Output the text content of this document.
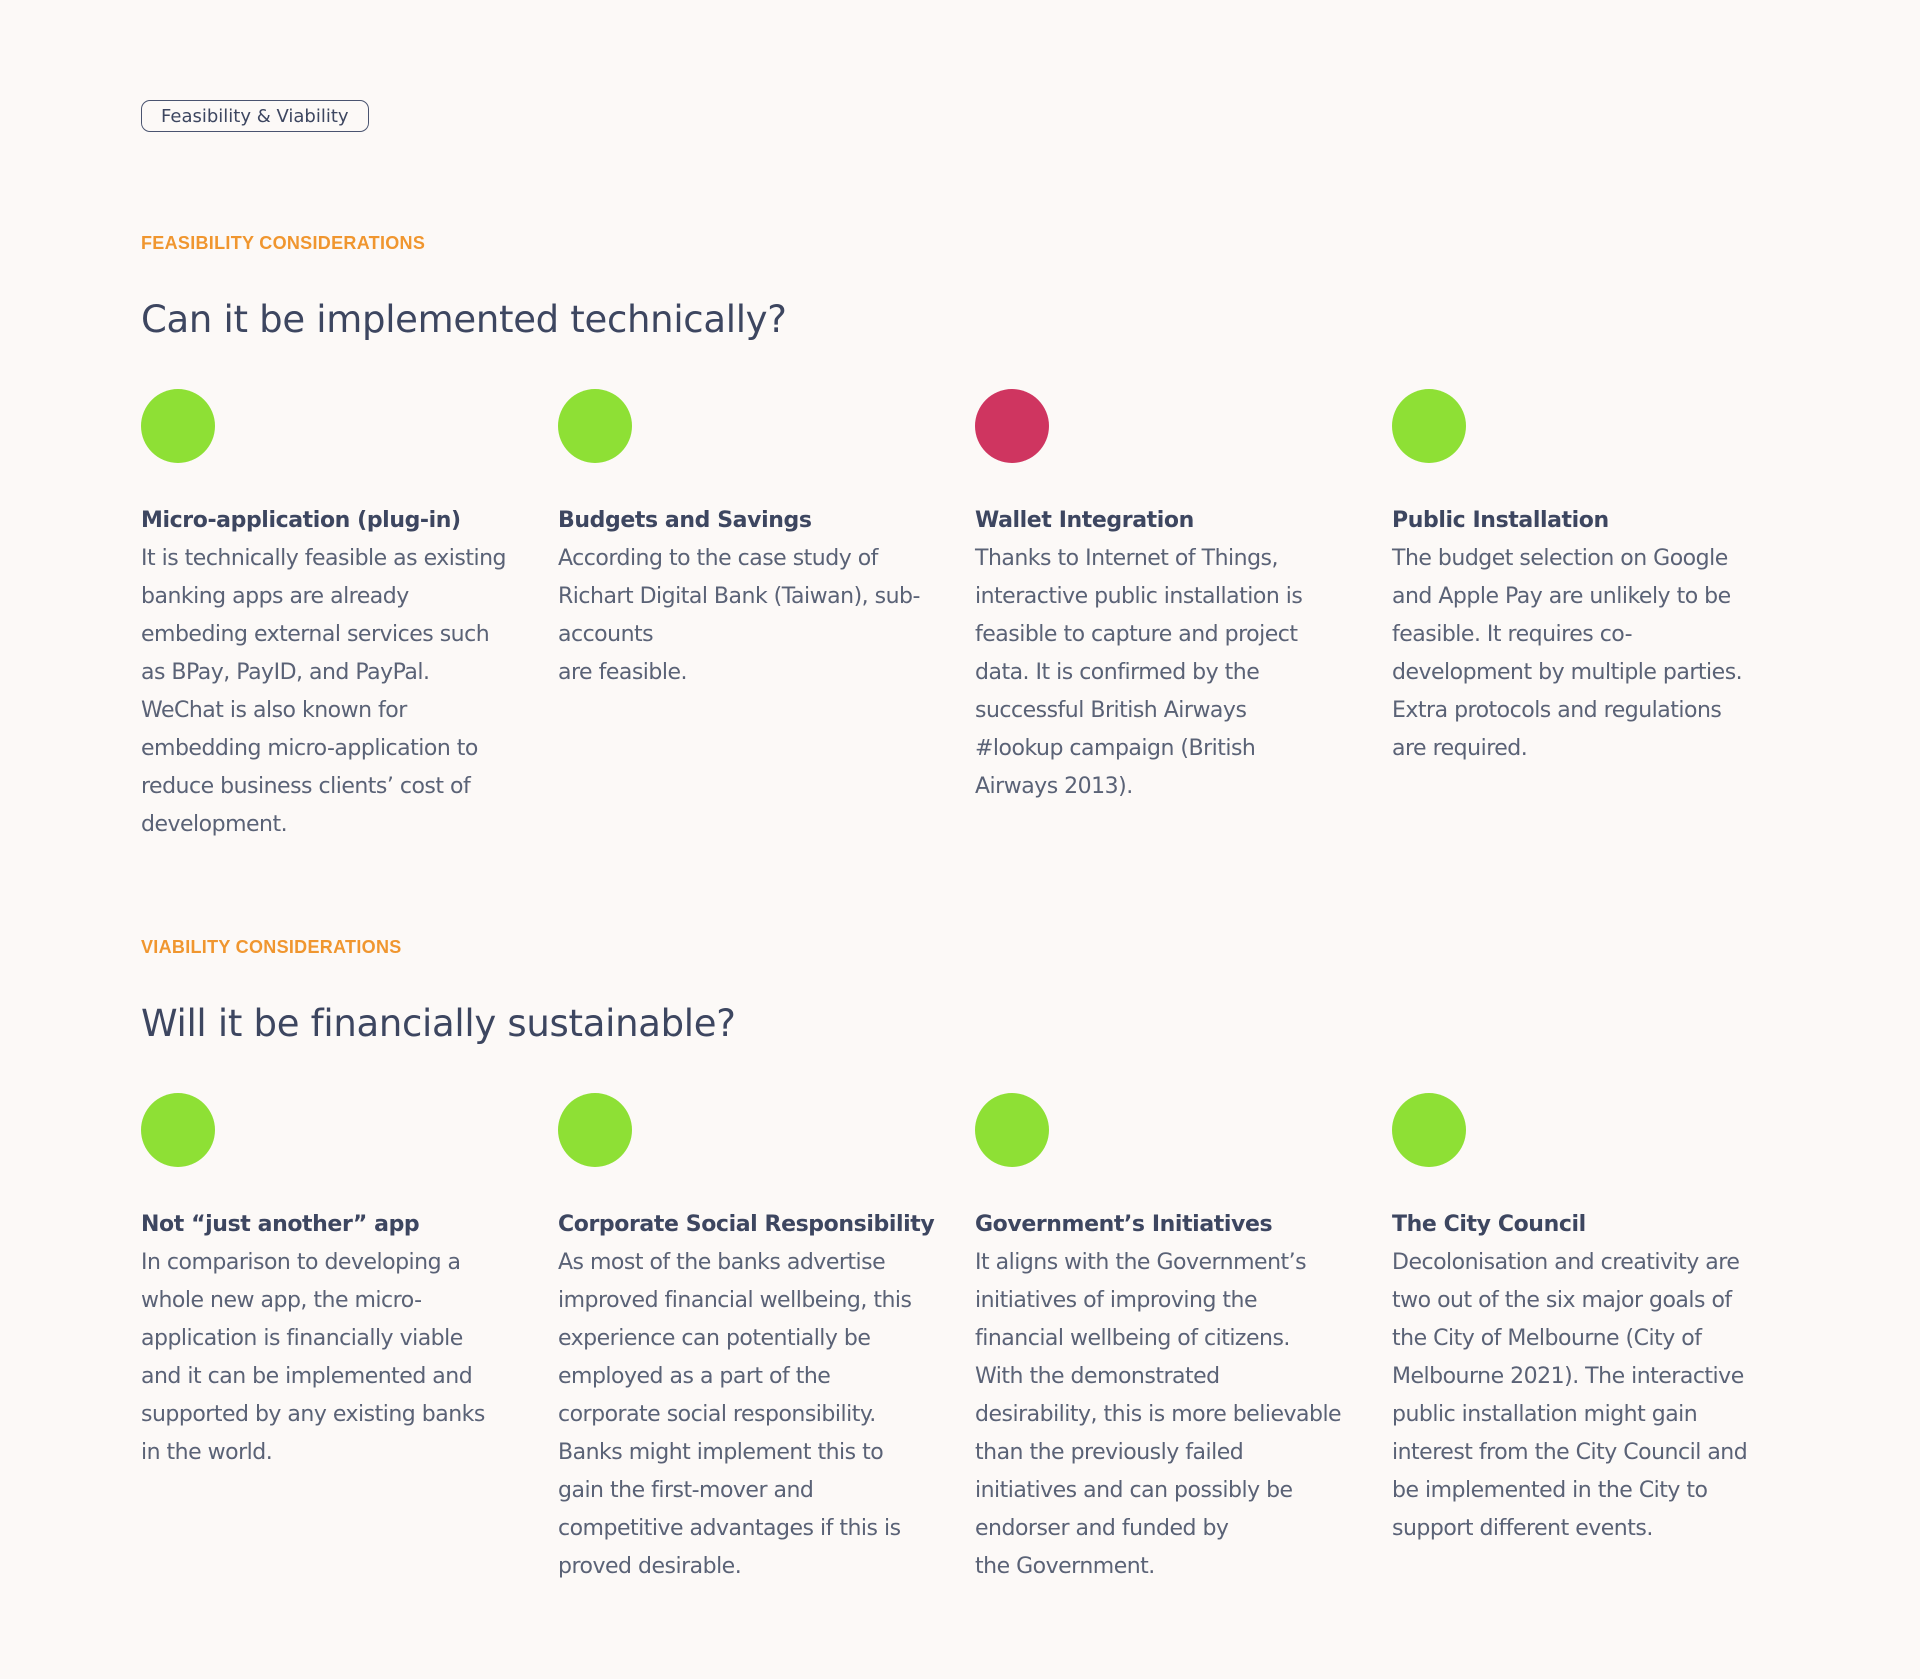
Feasibility & Viability

FEASIBILITY CONSIDERATIONS

Can it be implemented technically?
Micro-application (plug-in)

It is technically feasible as existing
banking apps are already
embeding external services such
as BPay, PayID, and PayPal.
WeChat is also known for
embedding micro-application to
reduce business clients’ cost of
development.

Budgets and Savings

According to the case study of
Richart Digital Bank (Taiwan), sub-
accounts
are feasible.

Wallet Integration

Thanks to Internet of Things,
interactive public installation is
feasible to capture and project
data. It is confirmed by the
successful British Airways
#lookup campaign (British
Airways 2013).

Public Installation

The budget selection on Google
and Apple Pay are unlikely to be
feasible. It requires co-
development by multiple parties.
Extra protocols and regulations
are required.

VIABILITY CONSIDERATIONS

Will it be financially sustainable?
Not “just another” app

In comparison to developing a
whole new app, the micro-
application is financially viable
and it can be implemented and
supported by any existing banks
in the world.

Corporate Social Responsibility

As most of the banks advertise
improved financial wellbeing, this
experience can potentially be
employed as a part of the
corporate social responsibility.
Banks might implement this to
gain the first-mover and
competitive advantages if this is
proved desirable.

Government’s Initiatives

It aligns with the Government’s
initiatives of improving the
financial wellbeing of citizens.
With the demonstrated
desirability, this is more believable
than the previously failed
initiatives and can possibly be
endorser and funded by
the Government.

The City Council

Decolonisation and creativity are
two out of the six major goals of
the City of Melbourne (City of
Melbourne 2021). The interactive
public installation might gain
interest from the City Council and
be implemented in the City to
support different events.
